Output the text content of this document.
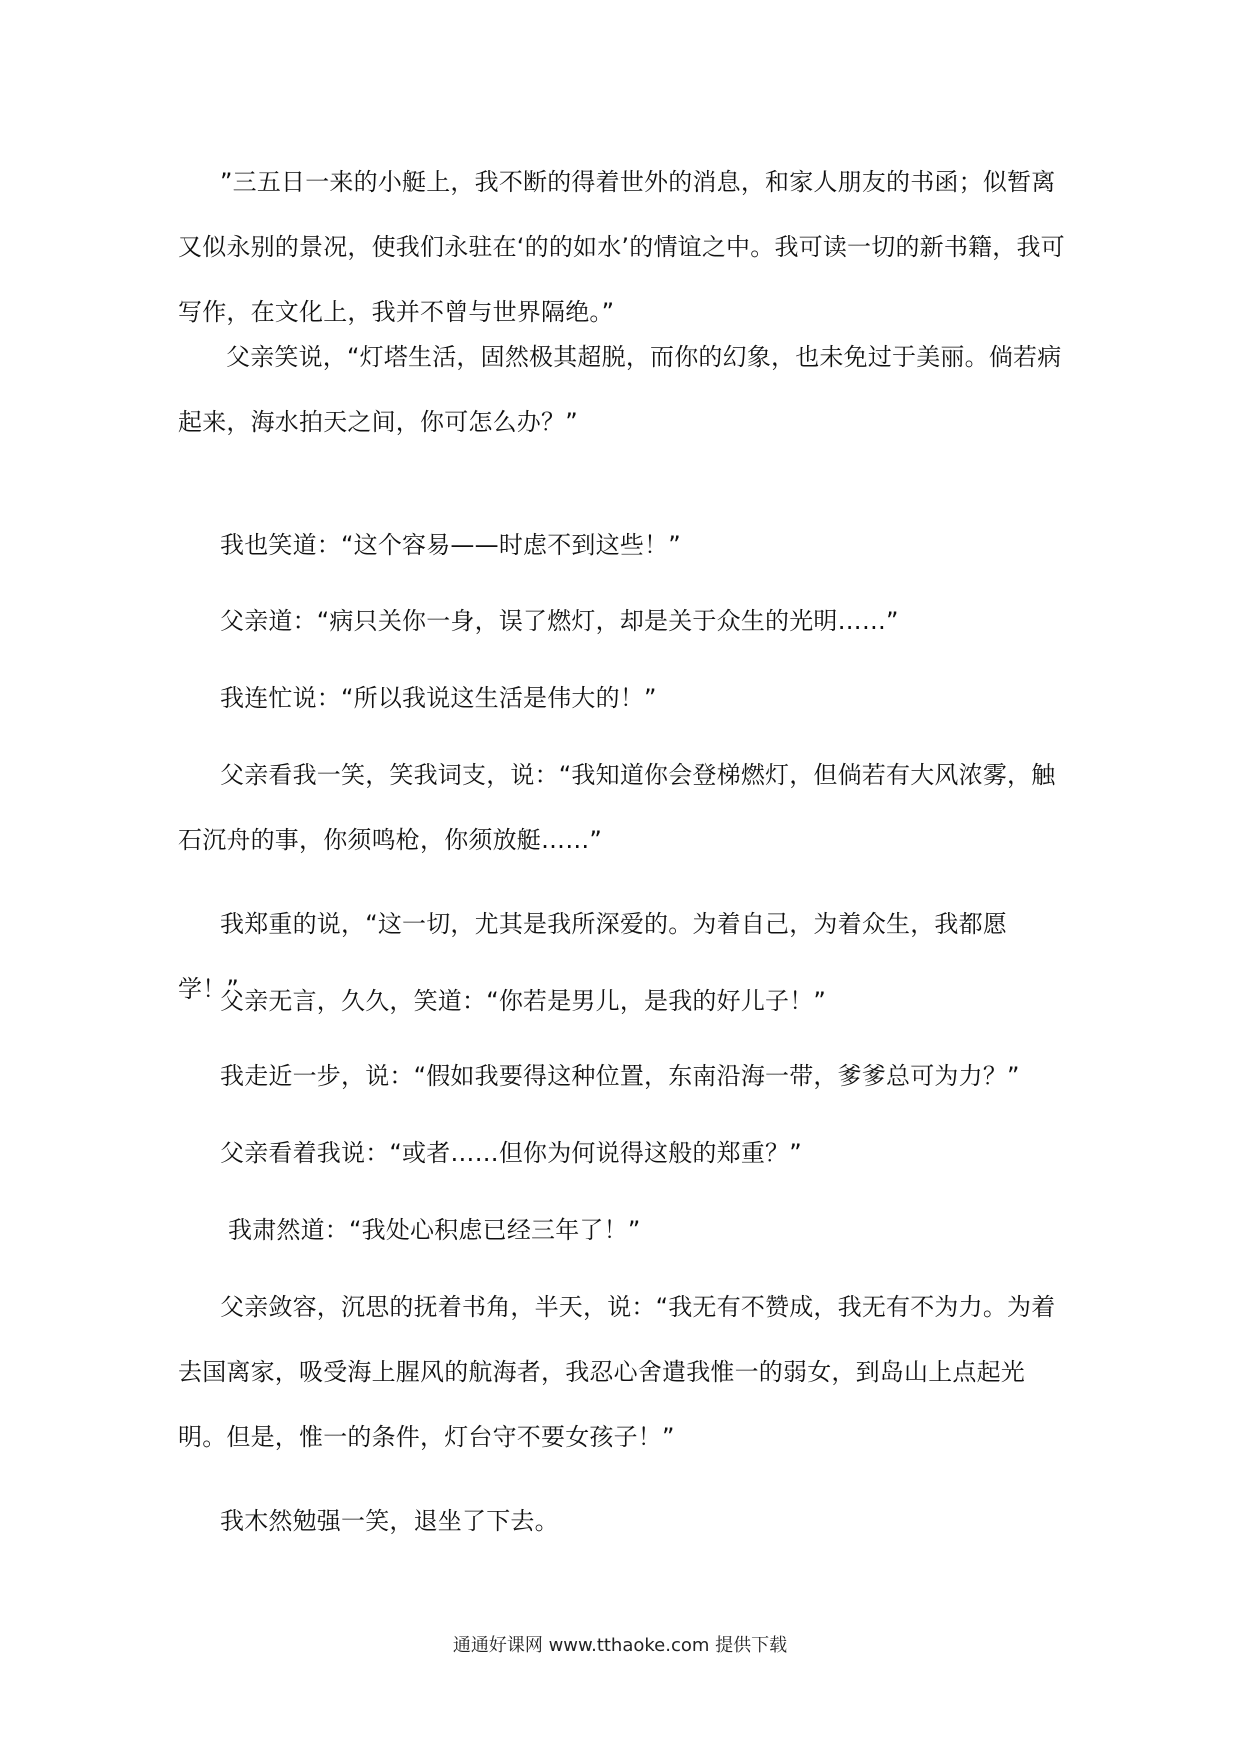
”三五日一来的小艇上，我不断的得着世外的消息，和家人朋友的书函；似暂离又似永别的景况，使我们永驻在‘的的如水’的情谊之中。我可读一切的新书籍，我可写作，在文化上，我并不曾与世界隔绝。”

父亲笑说，“灯塔生活，固然极其超脱，而你的幻象，也未免过于美丽。倘若病起来，海水拍天之间，你可怎么办？”

我也笑道：“这个容易——时虑不到这些！”

父亲道：“病只关你一身，误了燃灯，却是关于众生的光明……”

我连忙说：“所以我说这生活是伟大的！”

父亲看我一笑，笑我词支，说：“我知道你会登梯燃灯，但倘若有大风浓雾，触石沉舟的事，你须鸣枪，你须放艇……”

我郑重的说，“这一切，尤其是我所深爱的。为着自己，为着众生，我都愿学！”

父亲无言，久久，笑道：“你若是男儿，是我的好儿子！”

我走近一步，说：“假如我要得这种位置，东南沿海一带，爹爹总可为力？”

父亲看着我说：“或者……但你为何说得这般的郑重？”

我肃然道：“我处心积虑已经三年了！”

父亲敛容，沉思的抚着书角，半天，说：“我无有不赞成，我无有不为力。为着去国离家，吸受海上腥风的航海者，我忍心舍遣我惟一的弱女，到岛山上点起光明。但是，惟一的条件，灯台守不要女孩子！”

我木然勉强一笑，退坐了下去。

通通好课网 www.tthaoke.com 提供下载
